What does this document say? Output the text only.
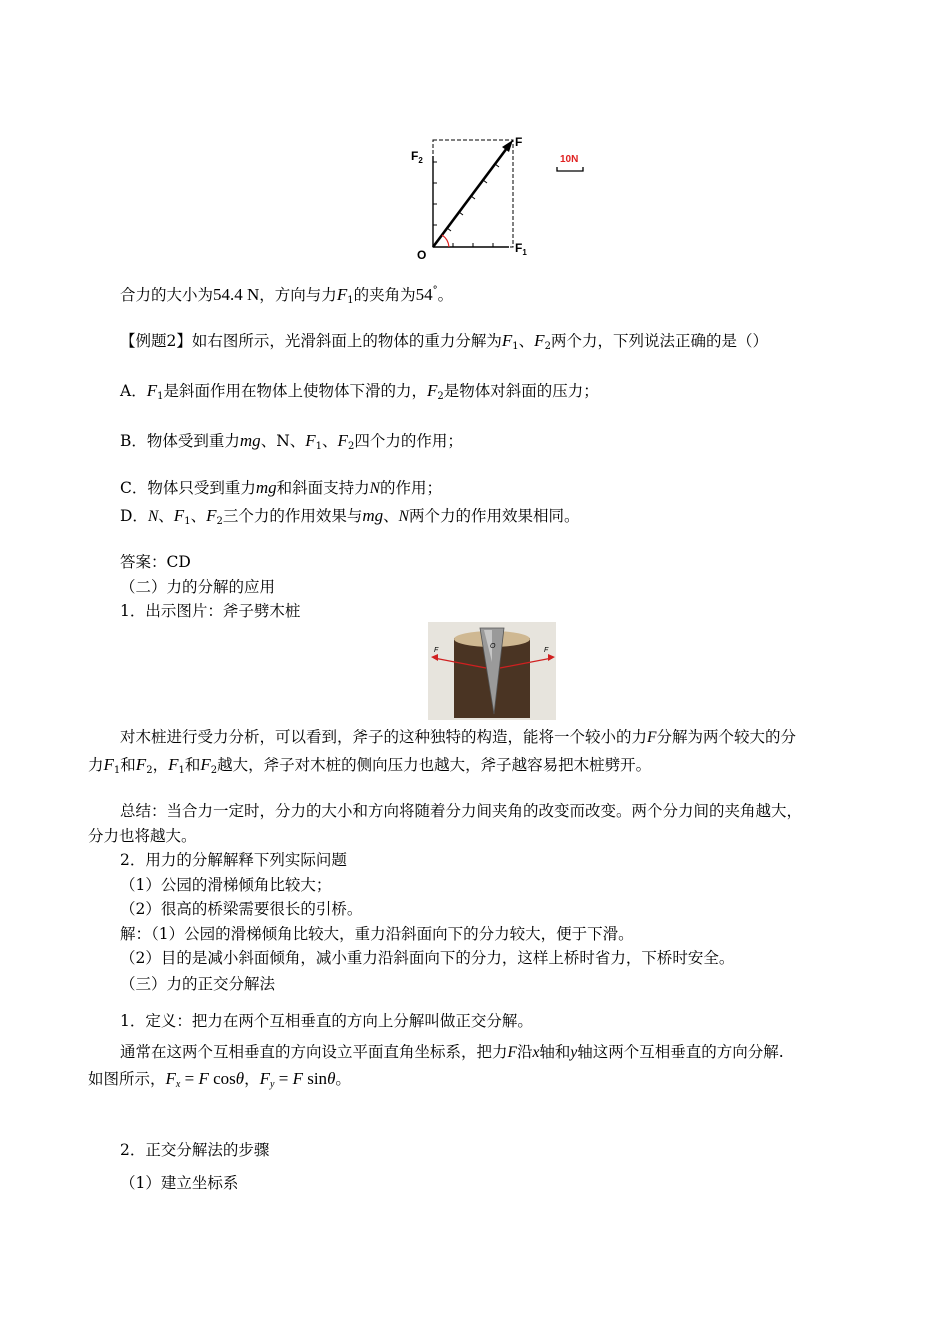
$F_2$
F
$F_1$
O
10N
合力的大小为54.4 N，方向与力$F_1$的夹角为54°。
【例题2】如右图所示，光滑斜面上的物体的重力分解为$F_1$、$F_2$两个力，下列说法正确的是（）
A．$F_1$是斜面作用在物体上使物体下滑的力，$F_2$是物体对斜面的压力；
B．物体受到重力mg、N、$F_1$、$F_2$四个力的作用；
C．物体只受到重力mg和斜面支持力N的作用；
D．N、$F_1$、$F_2$三个力的作用效果与mg、N两个力的作用效果相同。
答案：CD
（二）力的分解的应用
1．出示图片：斧子劈木桩
F	F
O
对木桩进行受力分析，可以看到，斧子的这种独特的构造，能将一个较小的力F分解为两个较大的分
力$F_1$和$F_2$，$F_1$和$F_2$越大，斧子对木桩的侧向压力也越大，斧子越容易把木桩劈开。
总结：当合力一定时，分力的大小和方向将随着分力间夹角的改变而改变。两个分力间的夹角越大，
分力也将越大。
2．用力的分解解释下列实际问题
（1）公园的滑梯倾角比较大；
（2）很高的桥梁需要很长的引桥。
解：（1）公园的滑梯倾角比较大，重力沿斜面向下的分力较大，便于下滑。
（2）目的是减小斜面倾角，减小重力沿斜面向下的分力，这样上桥时省力，下桥时安全。
（三）力的正交分解法
1．定义：把力在两个互相垂直的方向上分解叫做正交分解。
通常在这两个互相垂直的方向设立平面直角坐标系，把力F沿x轴和y轴这两个互相垂直的方向分解.
如图所示，$F_x = F$ cosθ，$F_y = F$ sinθ。
2．正交分解法的步骤
（1）建立坐标系
